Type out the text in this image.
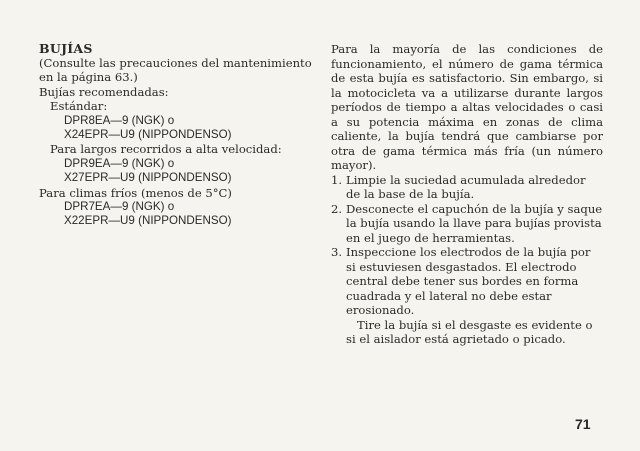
BUJÍAS

(Consulte las precauciones del mantenimiento
en la página 63.)
Bujías recomendadas:
Estándar:
DPR8EA—9 (NGK) o
X24EPR—U9 (NIPPONDENSO)
Para largos recorridos a alta velocidad:
DPR9EA—9 (NGK) o
X27EPR—U9 (NIPPONDENSO)
Para climas fríos (menos de 5°C)
DPR7EA—9 (NGK) o
X22EPR—U9 (NIPPONDENSO)

Para la mayoría de las condiciones de funcionamiento, el número de gama térmica de esta bujía es satisfactorio. Sin embargo, si la motocicleta va a utilizarse durante largos períodos de tiempo a altas velocidades o casi a su potencia máxima en zonas de clima caliente, la bujía tendrá que cambiarse por otra de gama térmica más fría (un número mayor).

1. Limpie la suciedad acumulada alrededor de la base de la bujía.
2. Desconecte el capuchón de la bujía y saque la bujía usando la llave para bujías provista en el juego de herramientas.
3. Inspeccione los electrodos de la bujía por si estuviesen desgastados. El electrodo central debe tener sus bordes en forma cuadrada y el lateral no debe estar erosionado.
Tire la bujía si el desgaste es evidente o si el aislador está agrietado o picado.
71
